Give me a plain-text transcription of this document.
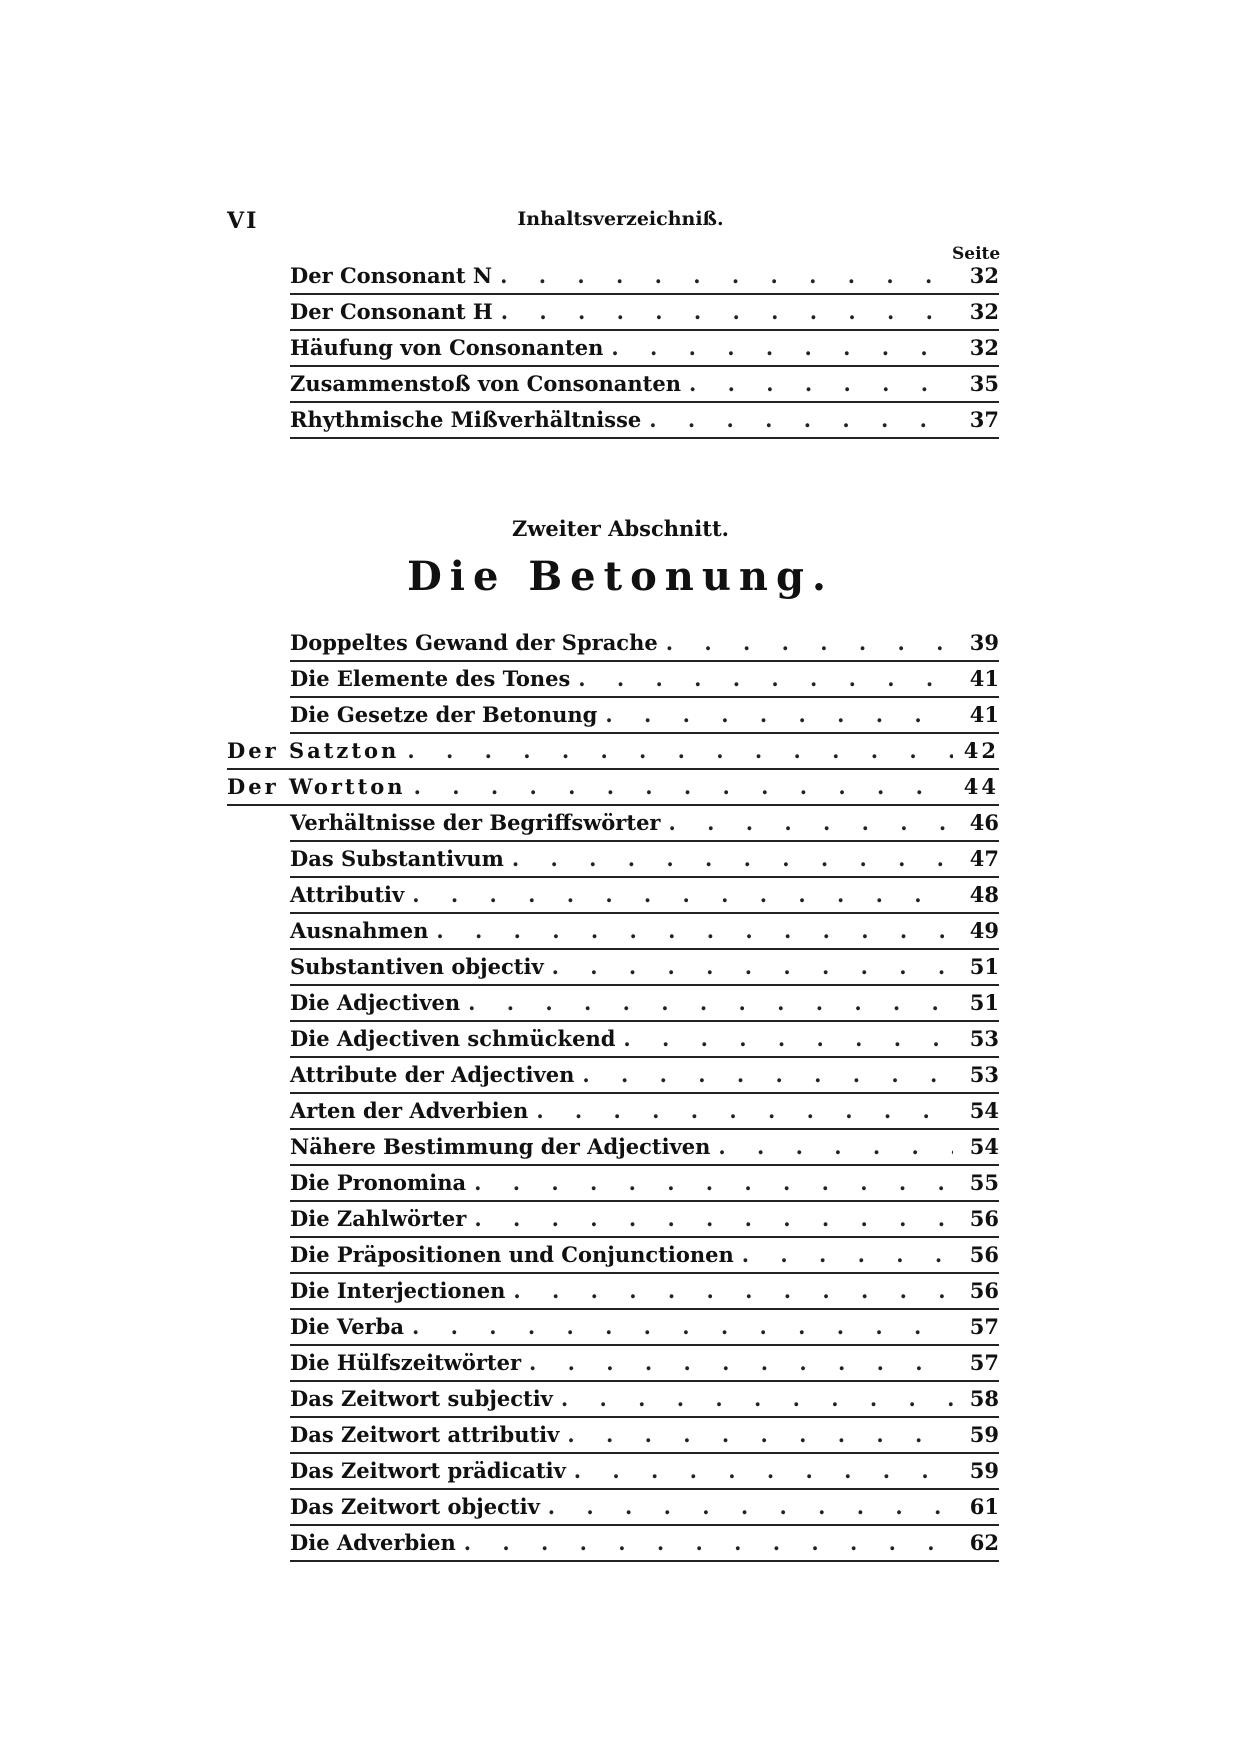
VI	Inhaltsverzeichniß.
Seite
Der Consonant N . . .	32
Der Consonant H . . .	32
Häufung von Consonanten . . .	32
Zusammenstoß von Consonanten . . .	35
Rhythmische Mißverhältnisse . . .	37
Zweiter Abschnitt.
Die Betonung.
Doppeltes Gewand der Sprache . . .	39
Die Elemente des Tones . . .	41
Die Gesetze der Betonung . . .	41
Der Satzton . . .	42
Der Wortton . . .	44
Verhältnisse der Begriffswörter . . .	46
Das Substantivum . . .	47
Attributiv . . .	48
Ausnahmen . . .	49
Substantiven objectiv . . .	51
Die Adjectiven . . .	51
Die Adjectiven schmückend . . .	53
Attribute der Adjectiven . . .	53
Arten der Adverbien . . .	54
Nähere Bestimmung der Adjectiven . . .	54
Die Pronomina . . .	55
Die Zahlwörter . . .	56
Die Präpositionen und Conjunctionen . . .	56
Die Interjectionen . . .	56
Die Verba . . .	57
Die Hülfszeitwörter . . .	57
Das Zeitwort subjectiv . . .	58
Das Zeitwort attributiv . . .	59
Das Zeitwort prädicativ . . .	59
Das Zeitwort objectiv . . .	61
Die Adverbien . . .	62
